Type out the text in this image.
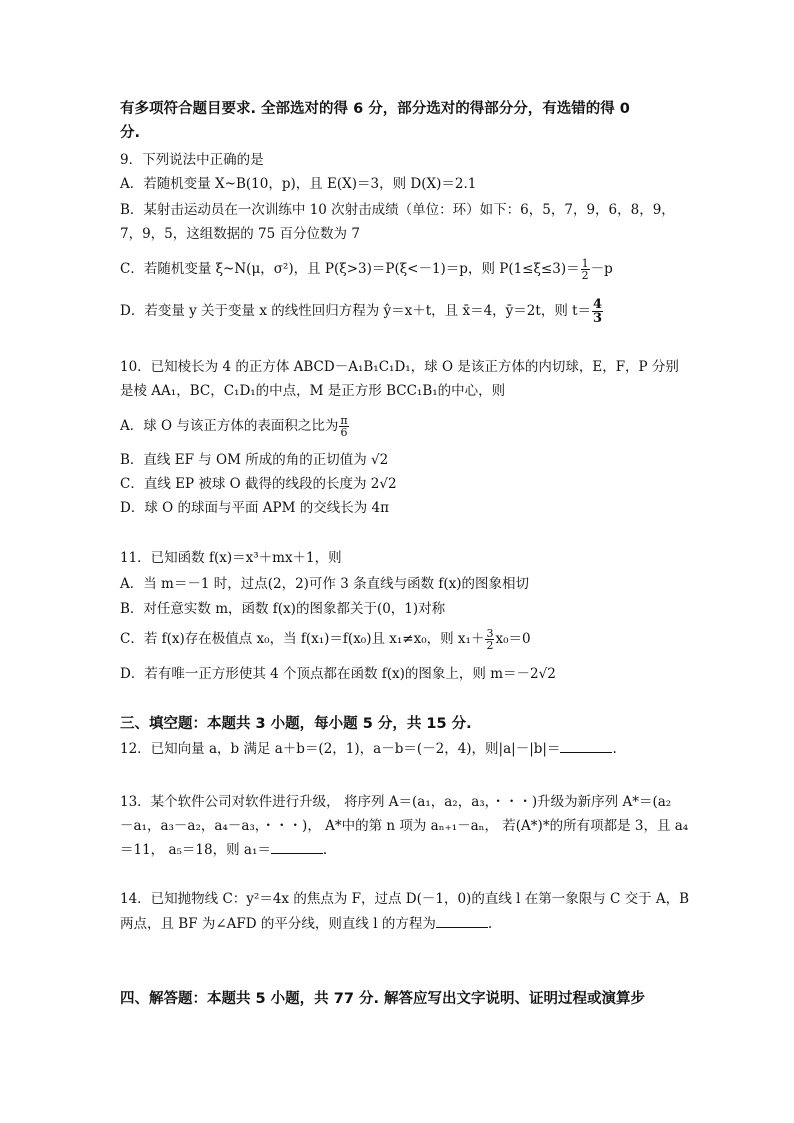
有多项符合题目要求. 全部选对的得 6 分，部分选对的得部分分，有选错的得 0
分.
9．下列说法中正确的是
A．若随机变量 X~B(10，p)，且 E(X)＝3，则 D(X)＝2.1
B．某射击运动员在一次训练中 10 次射击成绩（单位：环）如下：6，5，7，9，6，8，9，
7，9，5，这组数据的 75 百分位数为 7
C．若随机变量 ξ~N(μ，σ²)，且 P(ξ>3)＝P(ξ<－1)＝p，则 $P(1\le\xi\le 3)= \frac{1}{2} -p$
D．若变量 y 关于变量 x 的线性回归方程为 ŷ＝x＋t，且 x̄＝4，ȳ＝2t，则 $t= \frac{4}{3}$
10．已知棱长为 4 的正方体 ABCD－A₁B₁C₁D₁，球 O 是该正方体的内切球，E，F，P 分别
是棱 AA₁，BC，C₁D₁的中点，M 是正方形 BCC₁B₁的中心，则
A．球 O 与该正方体的表面积之比为 $\frac{\pi}{6}$
B．直线 EF 与 OM 所成的角的正切值为 √2
C．直线 EP 被球 O 截得的线段的长度为 2√2
D．球 O 的球面与平面 APM 的交线长为 4π
11．已知函数 f(x)＝x³＋mx＋1，则
A．当 m＝－1 时，过点(2，2)可作 3 条直线与函数 f(x)的图象相切
B．对任意实数 m，函数 f(x)的图象都关于(0，1)对称
C．若 f(x)存在极值点 x₀，当 f(x₁)＝f(x₀)且 x₁≠x₀，则 $x_1+ \frac{3}{2} x_0=0$
D．若有唯一正方形使其 4 个顶点都在函数 f(x)的图象上，则 m＝－2√2
三、填空题：本题共 3 小题，每小题 5 分，共 15 分.
12．已知向量 a，b 满足 a＋b＝(2，1)，a－b＝(－2，4)，则|a|－|b|＝	.
13．某个软件公司对软件进行升级， 将序列 A＝(a₁，a₂，a₃，・・・)升级为新序列 A*＝(a₂
－a₁，a₃－a₂，a₄－a₃，・・・)， A*中的第 n 项为 aₙ₊₁－aₙ， 若(A*)*的所有项都是 3，且 a₄
＝11， a₅＝18，则 a₁＝	.
14．已知抛物线 C：y²＝4x 的焦点为 F，过点 D(－1，0)的直线 l 在第一象限与 C 交于 A，B
两点，且 BF 为∠AFD 的平分线，则直线 l 的方程为	.
四、解答题：本题共 5 小题，共 77 分. 解答应写出文字说明、证明过程或演算步
